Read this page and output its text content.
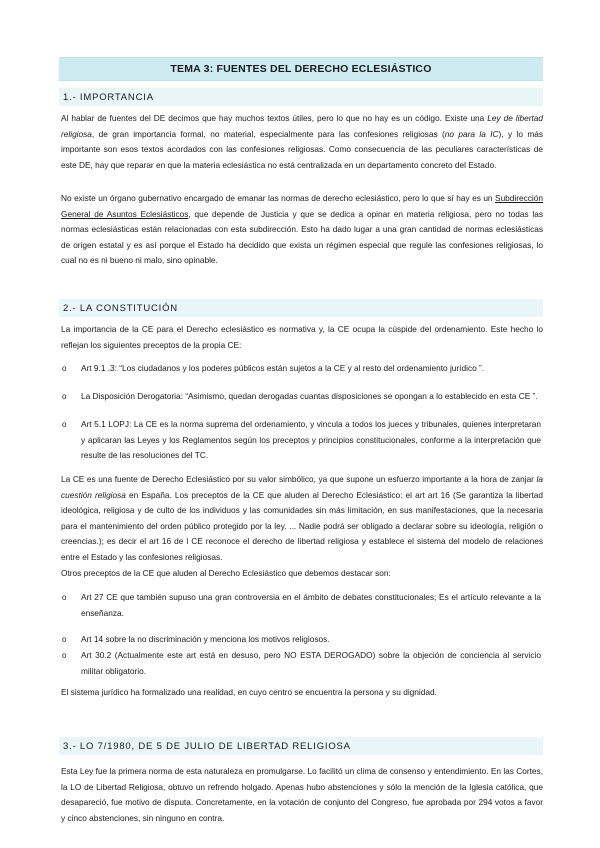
TEMA 3: FUENTES DEL DERECHO ECLESIÁSTICO
1.- IMPORTANCIA

Al hablar de fuentes del DE decimos que hay muchos textos útiles, pero lo que no hay es un código. Existe una Ley de libertad religiosa, de gran importancia formal, no material, especialmente para las confesiones religiosas (no para la IC), y lo más importante son esos textos acordados con las confesiones religiosas. Como consecuencia de las peculiares características de este DE, hay que reparar en que la materia eclesiástica no está centralizada en un departamento concreto del Estado.

No existe un órgano gubernativo encargado de emanar las normas de derecho eclesiástico, pero lo que sí hay es un Subdirección General de Asuntos Eclesiásticos, que depende de Justicia y que se dedica a opinar en materia religiosa, pero no todas las normas eclesiásticas están relacionadas con esta subdirección. Esto ha dado lugar a una gran cantidad de normas eclesiásticas de origen estatal y es así porque el Estado ha decidido que exista un régimen especial que regule las confesiones religiosas, lo cual no es ni bueno ni malo, sino opinable.

2.- LA CONSTITUCIÓN

La importancia de la CE para el Derecho eclesiástico es normativa y, la CE ocupa la cúspide del ordenamiento. Este hecho lo reflejan los siguientes preceptos de la propia CE:

o Art 9.1 .3: “Los ciudadanos y los poderes públicos están sujetos a la CE y al resto del ordenamiento jurídico ”.
o La Disposición Derogatoria: “Asimismo, quedan derogadas cuantas disposiciones se opongan a lo establecido en esta CE ”.
o Art 5.1 LOPJ: La CE es la norma suprema del ordenamiento, y vincula a todos los jueces y tribunales, quienes interpretaran y aplicaran las Leyes y los Reglamentos según los preceptos y principios constitucionales, conforme a la interpretación que resulte de las resoluciones del TC.

La CE es una fuente de Derecho Eclesiástico por su valor simbólico, ya que supone un esfuerzo importante a la hora de zanjar la cuestión religiosa en España. Los preceptos de la CE que aluden al Derecho Eclesiástico: el art art 16 (Se garantiza la libertad ideológica, religiosa y de culto de los individuos y las comunidades sin más limitación, en sus manifestaciones, que la necesaria para el mantenimiento del orden público protegido por la ley. ... Nadie podrá ser obligado a declarar sobre su ideología, religión o creencias.); es decir el art 16 de l CE reconoce el derecho de libertad religiosa y establece el sistema del modelo de relaciones entre el Estado y las confesiones religiosas.

Otros preceptos de la CE que aluden al Derecho Eclesiástico que debemos destacar son:

o Art 27 CE que también supuso una gran controversia en el ámbito de debates constitucionales; Es el artículo relevante a la enseñanza.
o Art 14 sobre la no discriminación y menciona los motivos religiosos.
o Art 30.2 (Actualmente este art está en desuso, pero NO ESTA DEROGADO) sobre la objeción de conciencia al servicio militar obligatorio.

El sistema jurídico ha formalizado una realidad, en cuyo centro se encuentra la persona y su dignidad.

3.- LO 7/1980, DE 5 DE JULIO DE LIBERTAD RELIGIOSA

Esta Ley fue la primera norma de esta naturaleza en promulgarse. Lo facilitó un clima de consenso y entendimiento. En las Cortes, la LO de Libertad Religiosa, obtuvo un refrendo holgado. Apenas hubo abstenciones y sólo la mención de la Iglesia católica, que desapareció, fue motivo de disputa. Concretamente, en la votación de conjunto del Congreso, fue aprobada por 294 votos a favor y cinco abstenciones, sin ninguno en contra.
